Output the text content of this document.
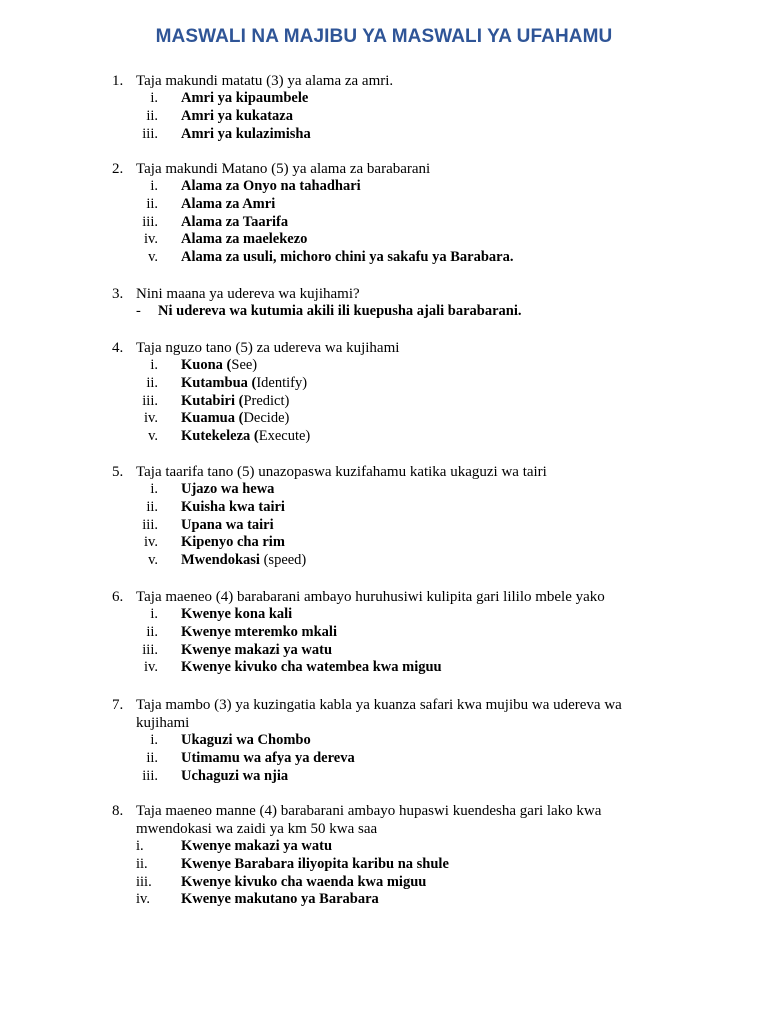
MASWALI NA MAJIBU YA MASWALI YA UFAHAMU
1. Taja makundi matatu (3) ya alama za amri.
i. Amri ya kipaumbele
ii. Amri ya kukataza
iii. Amri ya kulazimisha
2. Taja makundi Matano (5) ya alama za barabarani
i. Alama za Onyo na tahadhari
ii. Alama za Amri
iii. Alama za Taarifa
iv. Alama za maelekezo
v. Alama za usuli, michoro chini ya sakafu ya Barabara.
3. Nini maana ya udereva wa kujihami?
- Ni udereva wa kutumia akili ili kuepusha ajali barabarani.
4. Taja nguzo tano (5) za udereva wa kujihami
i. Kuona (See)
ii. Kutambua (Identify)
iii. Kutabiri (Predict)
iv. Kuamua (Decide)
v. Kutekeleza (Execute)
5. Taja taarifa tano (5) unazopaswa kuzifahamu katika ukaguzi wa tairi
i. Ujazo wa hewa
ii. Kuisha kwa tairi
iii. Upana wa tairi
iv. Kipenyo cha rim
v. Mwendokasi (speed)
6. Taja maeneo (4) barabarani ambayo huruhusiwi kulipita gari lililo mbele yako
i. Kwenye kona kali
ii. Kwenye mteremko mkali
iii. Kwenye makazi ya watu
iv. Kwenye kivuko cha watembea kwa miguu
7. Taja mambo (3) ya kuzingatia kabla ya kuanza safari kwa mujibu wa udereva wa kujihami
i. Ukaguzi wa Chombo
ii. Utimamu wa afya ya dereva
iii. Uchaguzi wa njia
8. Taja maeneo manne (4) barabarani ambayo hupaswi kuendesha gari lako kwa mwendokasi wa zaidi ya km 50 kwa saa
i.	Kwenye makazi ya watu
ii. Kwenye Barabara iliyopita karibu na shule
iii. Kwenye kivuko cha waenda kwa miguu
iv. Kwenye makutano ya Barabara
